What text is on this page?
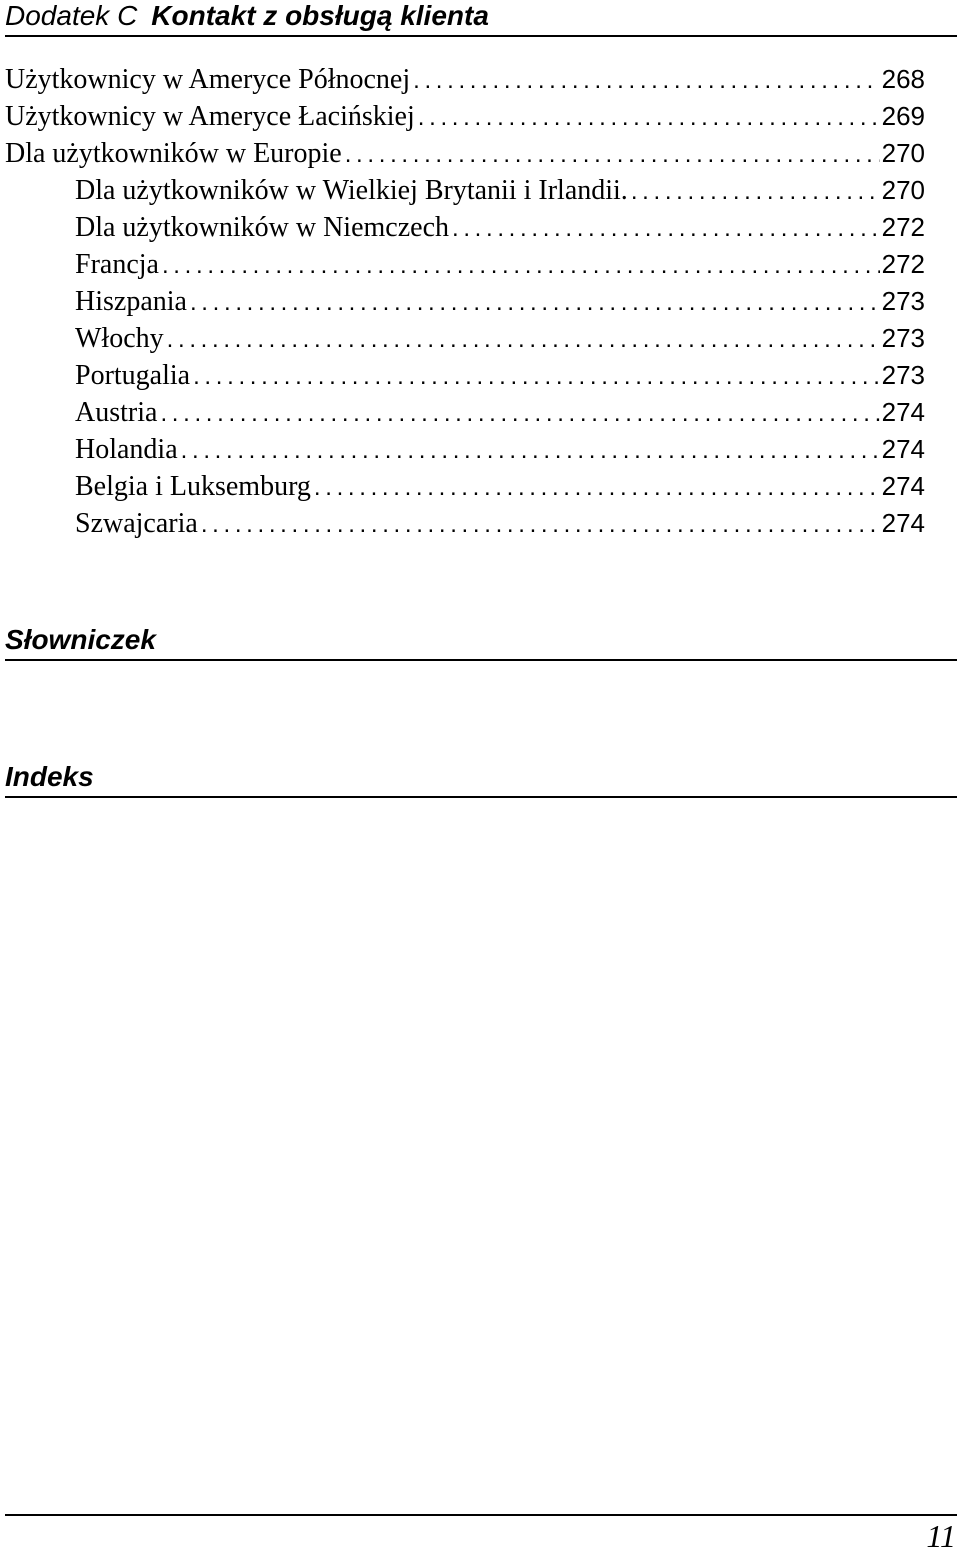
Dodatek C Kontakt z obsługą klienta
Użytkownicy w Ameryce Północnej . . .	268
Użytkownicy w Ameryce Łacińskiej . . .	269
Dla użytkowników w Europie . . .	270
Dla użytkowników w Wielkiej Brytanii i Irlandii. . . .	270
Dla użytkowników w Niemczech . . .	272
Francja . . .	272
Hiszpania . . .	273
Włochy . . .	273
Portugalia . . .	273
Austria . . .	274
Holandia . . .	274
Belgia i Luksemburg . . .	274
Szwajcaria . . .	274
Słowniczek
Indeks
11
